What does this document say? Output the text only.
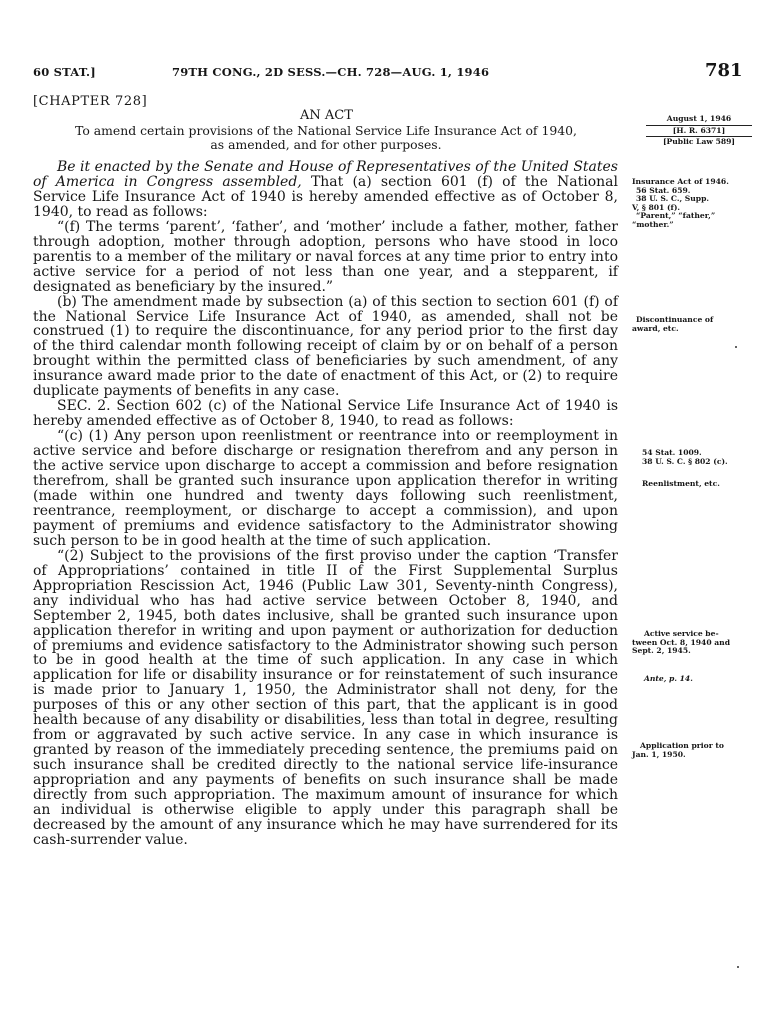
60 STAT.]	79TH CONG., 2D SESS.—CH. 728—AUG. 1, 1946	781
[CHAPTER 728]
AN ACT
To amend certain provisions of the National Service Life Insurance Act of 1940,
as amended, and for other purposes.
August 1, 1946
[H. R. 6371]
[Public Law 589]

Be it enacted by the Senate and House of Representatives of the United States of America in Congress assembled, That (a) section 601 (f) of the National Service Life Insurance Act of 1940 is hereby amended effective as of October 8, 1940, to read as follows:

“(f) The terms ‘parent’, ‘father’, and ‘mother’ include a father, mother, father through adoption, mother through adoption, persons who have stood in loco parentis to a member of the military or naval forces at any time prior to entry into active service for a period of not less than one year, and a stepparent, if designated as beneficiary by the insured.”

(b) The amendment made by subsection (a) of this section to section 601 (f) of the National Service Life Insurance Act of 1940, as amended, shall not be construed (1) to require the discontinuance, for any period prior to the first day of the third calendar month following receipt of claim by or on behalf of a person brought within the permitted class of beneficiaries by such amendment, of any insurance award made prior to the date of enactment of this Act, or (2) to require duplicate payments of benefits in any case.

SEC. 2. Section 602 (c) of the National Service Life Insurance Act of 1940 is hereby amended effective as of October 8, 1940, to read as follows:

“(c) (1) Any person upon reenlistment or reentrance into or reemployment in active service and before discharge or resignation therefrom and any person in the active service upon discharge to accept a commission and before resignation therefrom, shall be granted such insurance upon application therefor in writing (made within one hundred and twenty days following such reenlistment, reentrance, reemployment, or discharge to accept a commission), and upon payment of premiums and evidence satisfactory to the Administrator showing such person to be in good health at the time of such application.

“(2) Subject to the provisions of the first proviso under the caption ‘Transfer of Appropriations’ contained in title II of the First Supplemental Surplus Appropriation Rescission Act, 1946 (Public Law 301, Seventy-ninth Congress), any individual who has had active service between October 8, 1940, and September 2, 1945, both dates inclusive, shall be granted such insurance upon application therefor in writing and upon payment or authorization for deduction of premiums and evidence satisfactory to the Administrator showing such person to be in good health at the time of such application. In any case in which application for life or disability insurance or for reinstatement of such insurance is made prior to January 1, 1950, the Administrator shall not deny, for the purposes of this or any other section of this part, that the applicant is in good health because of any disability or disabilities, less than total in degree, resulting from or aggravated by such active service. In any case in which insurance is granted by reason of the immediately preceding sentence, the premiums paid on such insurance shall be credited directly to the national service life-insurance appropriation and any payments of benefits on such insurance shall be made directly from such appropriation. The maximum amount of insurance for which an individual is otherwise eligible to apply under this paragraph shall be decreased by the amount of any insurance which he may have surrendered for its cash-surrender value.

Insurance Act of 1946.
56 Stat. 659.
38 U. S. C., Supp.
V, § 801 (f).
“Parent,” “father,”
“mother.”
Discontinuance of
award, etc.
54 Stat. 1009.
38 U. S. C. § 802 (c).
Reenlistment, etc.
Active service be-
tween Oct. 8, 1940 and
Sept. 2, 1945.
Ante, p. 14.
Application prior to
Jan. 1, 1950.
